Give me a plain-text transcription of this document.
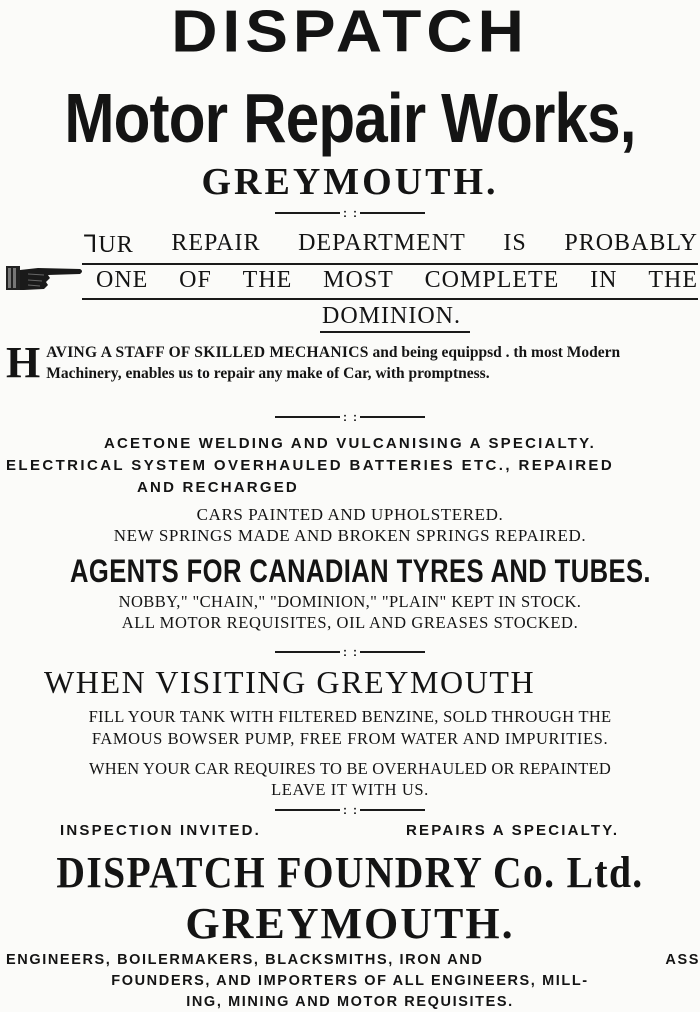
DISPATCH
Motor Repair Works,
GREYMOUTH.
: :
ꓶUR REPAIR DEPARTMENT IS PROBABLY
ONE OF THE MOST COMPLETE IN THE
DOMINION.
H AVING A STAFF OF SKILLED MECHANICS and being equippsd . th most Modern Machinery, enables us to repair any make of Car, with promptness.
: :
ACETONE WELDING AND VULCANISING A SPECIALTY.
ELECTRICAL SYSTEM OVERHAULED BATTERIES ETC., REPAIRED
AND RECHARGED
CARS PAINTED AND UPHOLSTERED.
NEW SPRINGS MADE AND BROKEN SPRINGS REPAIRED.
AGENTS FOR CANADIAN TYRES AND TUBES.
NOBBY," "CHAIN," "DOMINION," "PLAIN" KEPT IN STOCK.
ALL MOTOR REQUISITES, OIL AND GREASES STOCKED.
: :
WHEN VISITING GREYMOUTH
FILL YOUR TANK WITH FILTERED BENZINE, SOLD THROUGH THE
FAMOUS BOWSER PUMP, FREE FROM WATER AND IMPURITIES.
WHEN YOUR CAR REQUIRES TO BE OVERHAULED OR REPAINTED
LEAVE IT WITH US.
: :
INSPECTION INVITED.	REPAIRS A SPECIALTY.
DISPATCH FOUNDRY Co. Ltd.
GREYMOUTH.
ENGINEERS, BOILERMAKERS, BLACKSMITHS, IRON AND	ASS
FOUNDERS, AND IMPORTERS OF ALL ENGINEERS, MILL-
ING, MINING AND MOTOR REQUISITES.
